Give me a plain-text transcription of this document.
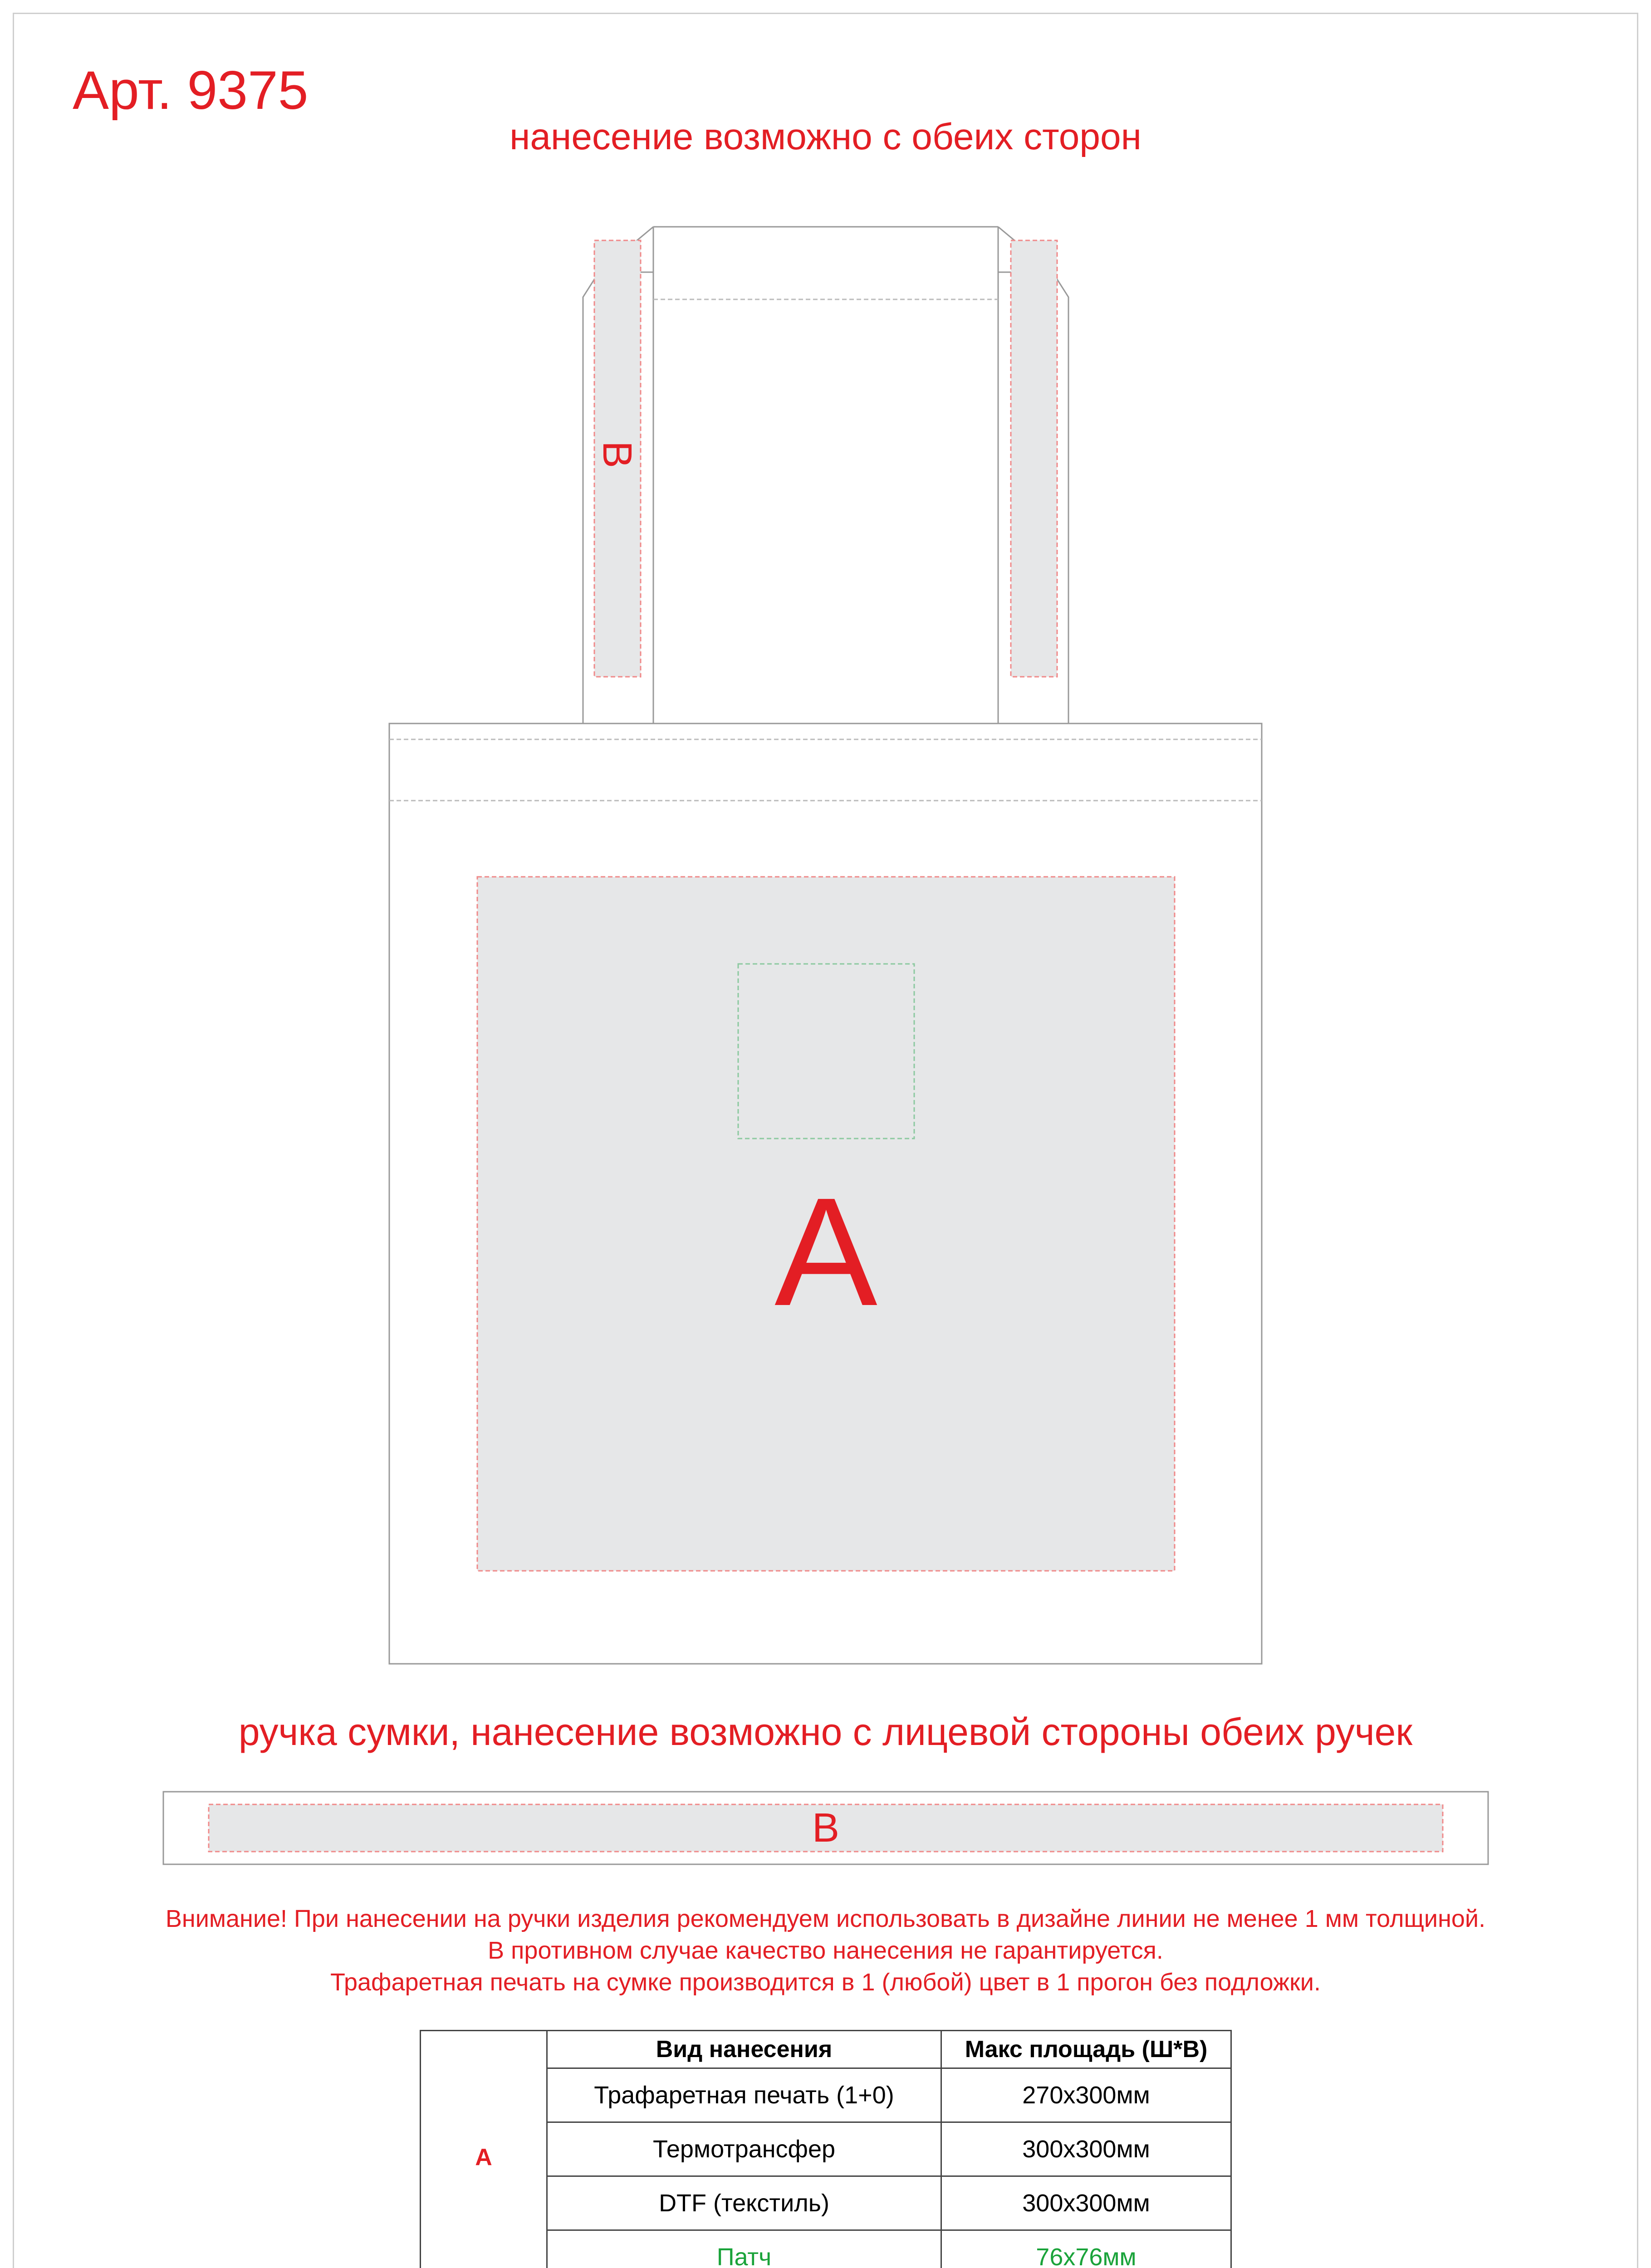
Арт. 9375
нанесение возможно с обеих сторон
B
A
ручка сумки, нанесение возможно с лицевой стороны обеих ручек
B
Внимание! При нанесении на ручки изделия рекомендуем использовать в дизайне линии не менее 1 мм толщиной.
В противном случае качество нанесения не гарантируется.
Трафаретная печать на сумке производится в 1 (любой) цвет в 1 прогон без подложки.
A	Вид нанесения	Макс площадь (Ш*В)
	Трафаретная печать (1+0)	270x300мм
	Термотрансфер	300x300мм
	DTF (текстиль)	300x300мм
	Патч	76x76мм
